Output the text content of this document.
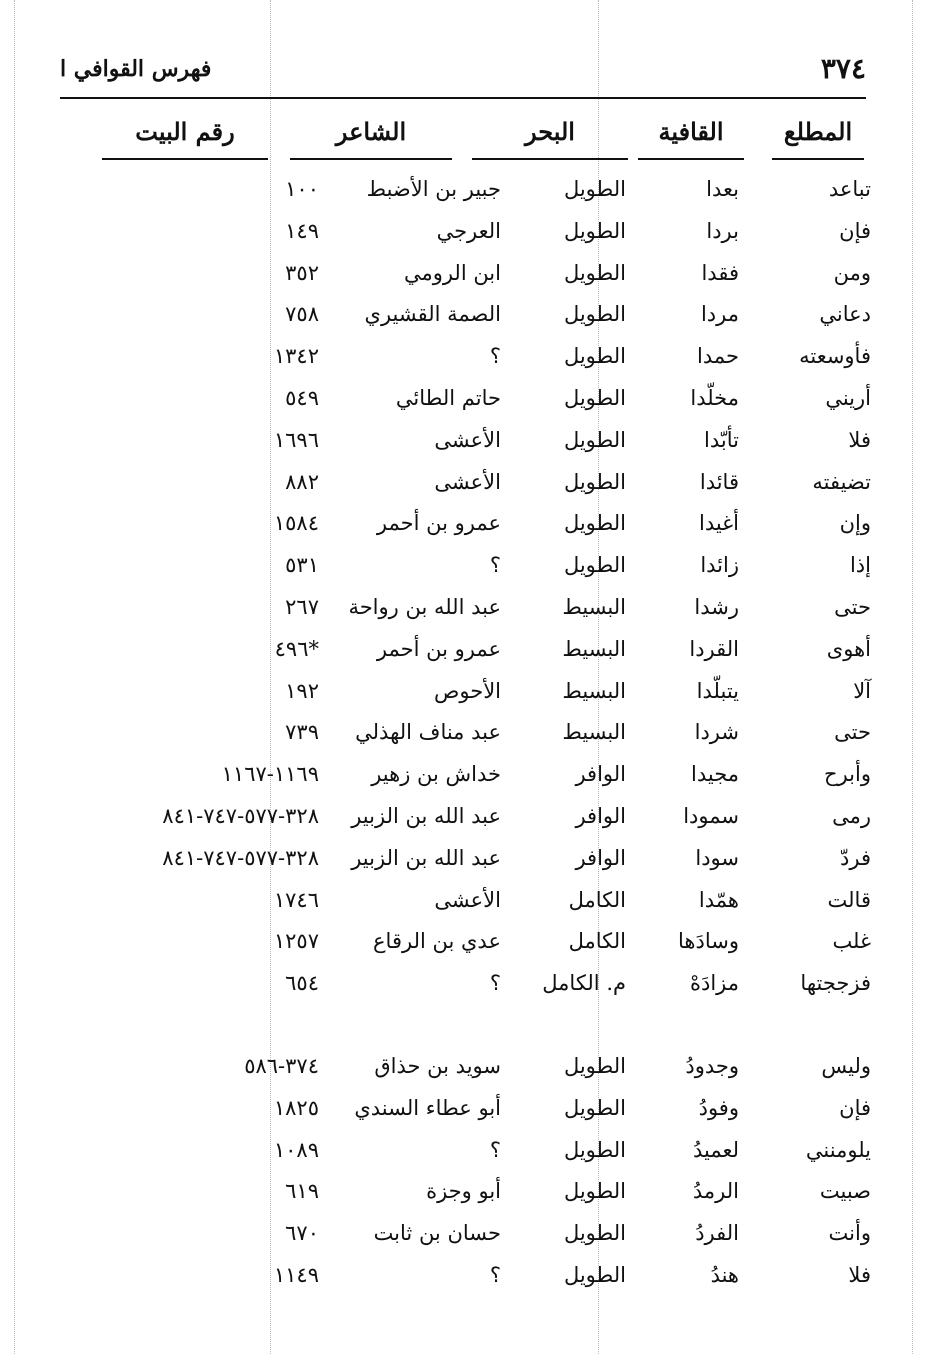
٣٧٤
فهرس القوافي ا
المطلع
القافية
البحر
الشاعر
رقم البيت
تباعد
بعدا
الطويل
جبير بن الأضبط
١٠٠
فإن
بردا
الطويل
العرجي
١٤٩
ومن
فقدا
الطويل
ابن الرومي
٣٥٢
دعاني
مردا
الطويل
الصمة القشيري
٧٥٨
فأوسعته
حمدا
الطويل
؟
١٣٤٢
أريني
مخلّدا
الطويل
حاتم الطائي
٥٤٩
فلا
تأبّدا
الطويل
الأعشى
١٦٩٦
تضيفته
قائدا
الطويل
الأعشى
٨٨٢
وإن
أغيدا
الطويل
عمرو بن أحمر
١٥٨٤
إذا
زائدا
الطويل
؟
٥٣١
حتى
رشدا
البسيط
عبد الله بن رواحة
٢٦٧
أهوى
القردا
البسيط
عمرو بن أحمر
٤٩٦*
آلا
يتبلّدا
البسيط
الأحوص
١٩٢
حتى
شردا
البسيط
عبد مناف الهذلي
٧٣٩
وأبرح
مجيدا
الوافر
خداش بن زهير
١١٦٩-١١٦٧
رمى
سمودا
الوافر
عبد الله بن الزبير
٣٢٨-٥٧٧-٧٤٧-٨٤١
فردّ
سودا
الوافر
عبد الله بن الزبير
٣٢٨-٥٧٧-٧٤٧-٨٤١
قالت
همّدا
الكامل
الأعشى
١٧٤٦
غلب
وسادَها
الكامل
عدي بن الرقاع
١٢٥٧
فزججتها
مزادَهْ
م. الكامل
؟
٦٥٤
وليس
وجدودُ
الطويل
سويد بن حذاق
٣٧٤-٥٨٦
فإن
وفودُ
الطويل
أبو عطاء السندي
١٨٢٥
يلومنني
لعميدُ
الطويل
؟
١٠٨٩
صبيت
الرمدُ
الطويل
أبو وجزة
٦١٩
وأنت
الفردُ
الطويل
حسان بن ثابت
٦٧٠
فلا
هندُ
الطويل
؟
١١٤٩
